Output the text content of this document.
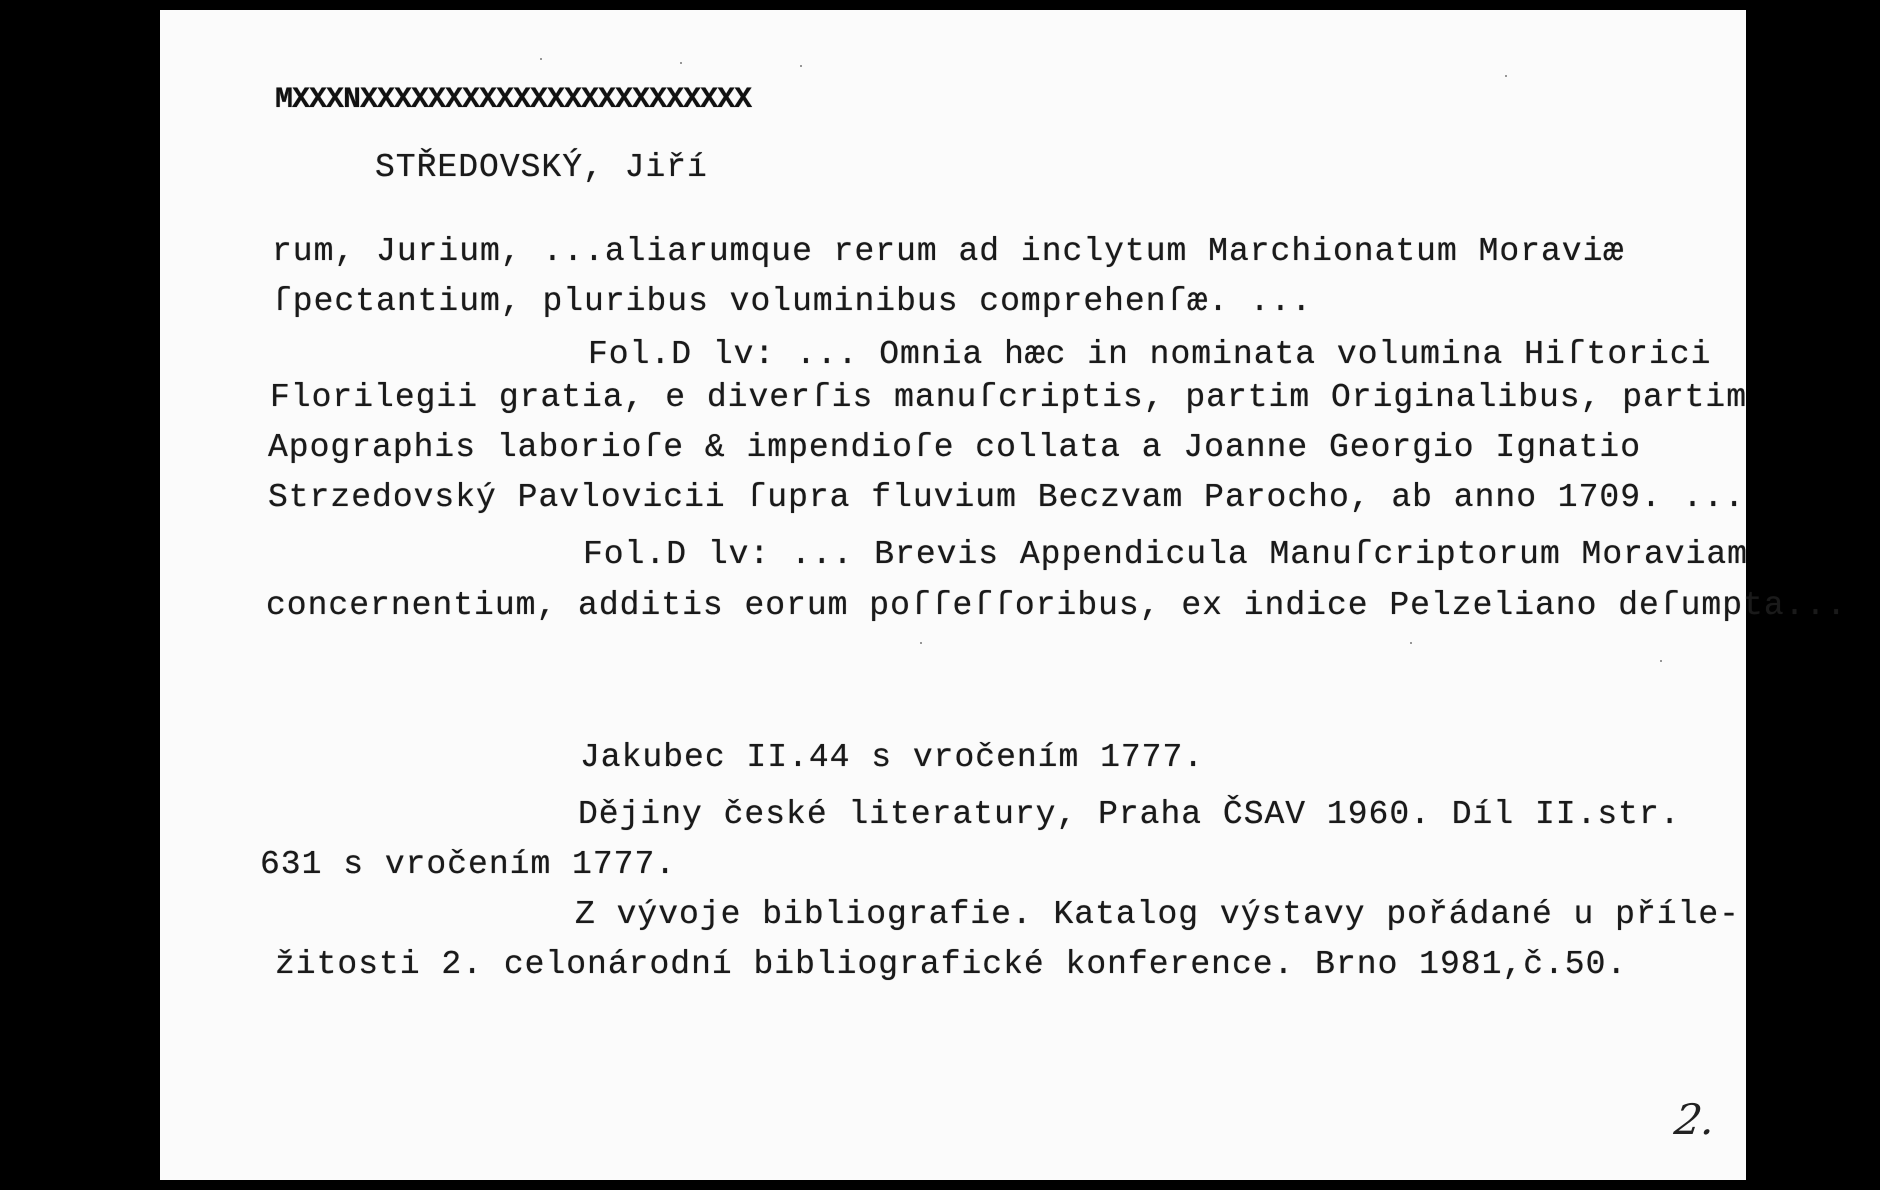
MXXXNXXXXXXXXXXXXXXXXXXXXXXX
STŘEDOVSKÝ, Jiří
rum, Jurium, ...aliarumque rerum ad inclytum Marchionatum Moraviæ
ſpectantium, pluribus voluminibus comprehenſæ. ...
Fol.D lv: ... Omnia hæc in nominata volumina Hiſtorici
Florilegii gratia, e diverſis manuſcriptis, partim Originalibus, partim
Apographis laborioſe & impendioſe collata a Joanne Georgio Ignatio
Strzedovský Pavlovicii ſupra fluvium Beczvam Parocho, ab anno 1709. ...
Fol.D lv: ... Brevis Appendicula Manuſcriptorum Moraviam
concernentium, additis eorum poſſeſſoribus, ex indice Pelzeliano deſumpta...
Jakubec II.44 s vročením 1777.
Dějiny české literatury, Praha ČSAV 1960. Díl II.str.
631 s vročením 1777.
Z vývoje bibliografie. Katalog výstavy pořádané u příle-
žitosti 2. celonárodní bibliografické konference. Brno 1981,č.50.
2.
